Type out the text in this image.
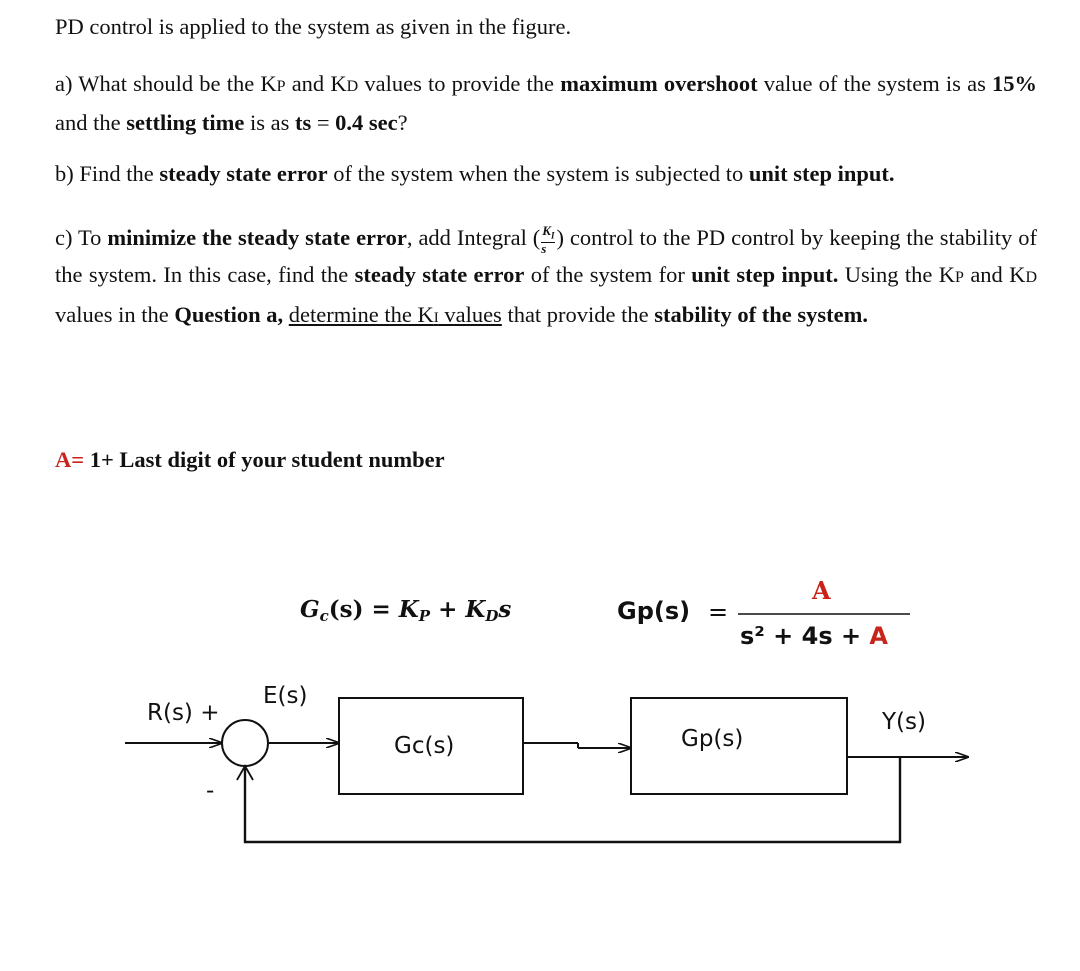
PD control is applied to the system as given in the figure.

a) What should be the KP and KD values to provide the maximum overshoot value of the system is as 15% and the settling time is as ts = 0.4 sec?

b) Find the steady state error of the system when the system is subjected to unit step input.

c) To minimize the steady state error, add Integral ( $\frac{K_I}{s}$ ) control to the PD control by keeping the stability of the system. In this case, find the steady state error of the system for unit step input. Using the KP and KD values in the Question a, determine the KI values that provide the stability of the system.

A= 1+ Last digit of your student number
$G_c(s) = K_P + K_Ds$	Gp(s) =
A
s² + 4s + A
R(s) +
E(s)
-
Gc(s)	Gp(s)
Y(s)
